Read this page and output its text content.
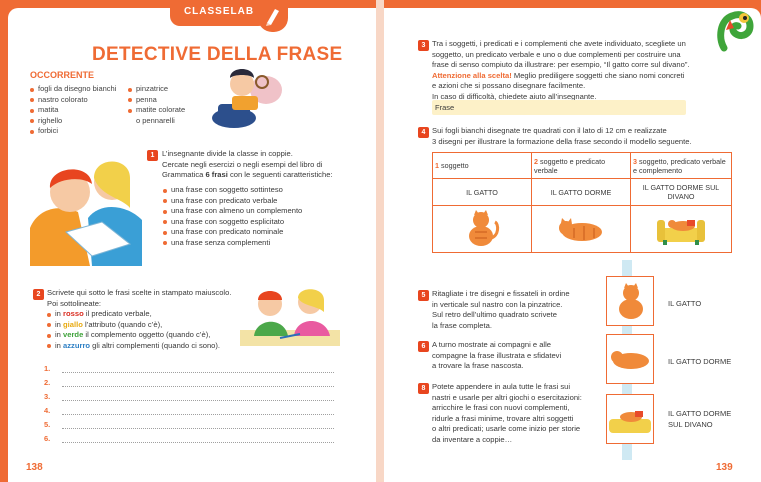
CLASSELAB
DETECTIVE DELLA FRASE
OCCORRENTE
fogli da disegno bianchi
nastro colorato
matita
righello
forbici
pinzatrice
penna
matite colorate
o pennarelli
1 L’insegnante divide la classe in coppie.
Cercate negli esercizi o negli esempi del libro di
Grammatica 6 frasi con le seguenti caratteristiche:
una frase con soggetto sottinteso
una frase con predicato verbale
una frase con almeno un complemento
una frase con soggetto esplicitato
una frase con predicato nominale
una frase senza complementi
2 Scrivete qui sotto le frasi scelte in stampato maiuscolo.
Poi sottolineate:
in rosso il predicato verbale,
in giallo l’attributo (quando c’è),
in verde il complemento oggetto (quando c’è),
in azzurro gli altri complementi (quando ci sono).
1.
2.
3.
4.
5.
6.
138
3 Tra i soggetti, i predicati e i complementi che avete individuato, scegliete un
soggetto, un predicato verbale e uno o due complementi per costruire una
frase di senso compiuto da illustrare: per esempio, “Il gatto corre sul divano”.
Attenzione alla scelta! Meglio prediligere soggetti che siano nomi concreti
e azioni che si possano disegnare facilmente.
In caso di difficoltà, chiedete aiuto all’insegnante.
Frase
4 Sui fogli bianchi disegnate tre quadrati con il lato di 12 cm e realizzate
3 disegni per illustrare la formazione della frase secondo il modello seguente.
1 soggetto	2 soggetto e predicato verbale	3 soggetto, predicato verbale e complemento
IL GATTO	IL GATTO DORME	IL GATTO DORME SUL DIVANO

IL GATTO
IL GATTO DORME
IL GATTO DORME
SUL DIVANO
5 Ritagliate i tre disegni e fissateli in ordine
in verticale sul nastro con la pinzatrice.
Sul retro dell’ultimo quadrato scrivete
la frase completa.
6 A turno mostrate ai compagni e alle
compagne la frase illustrata e sfidatevi
a trovare la frase nascosta.
8 Potete appendere in aula tutte le frasi sui
nastri e usarle per altri giochi o esercitazioni:
arricchire le frasi con nuovi complementi,
ridurle a frasi minime, trovare altri soggetti
o altri predicati; usarle come inizio per storie
da inventare a coppie…
139
